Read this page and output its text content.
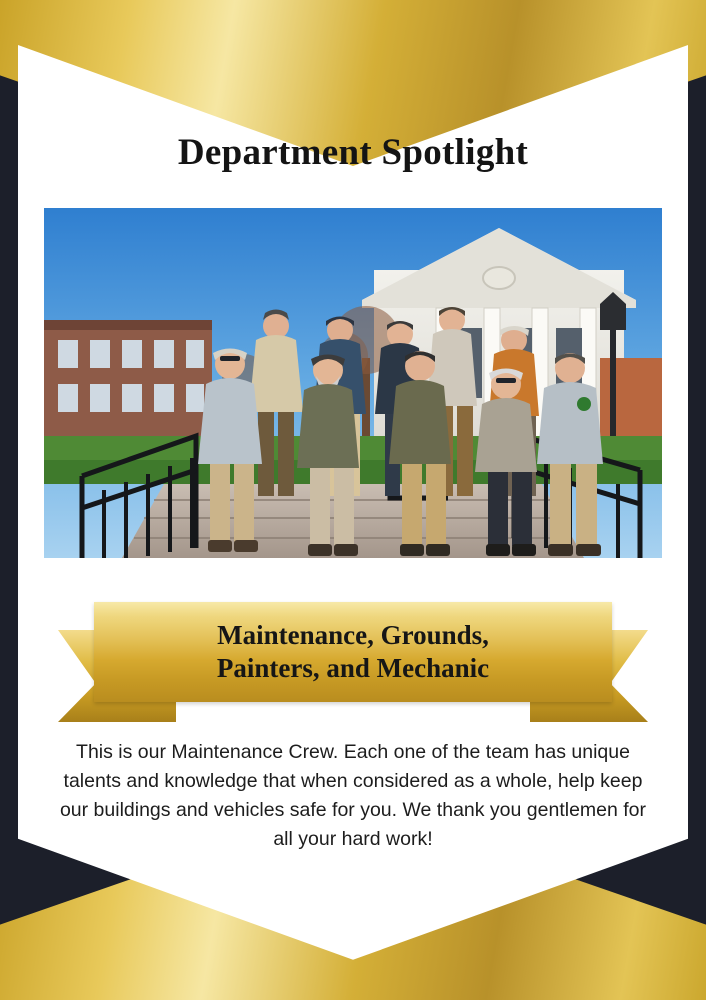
Department Spotlight
Maintenance, Grounds,
Painters, and Mechanic
This is our Maintenance Crew. Each one of the team has unique talents and knowledge that when considered as a whole, help keep our buildings and vehicles safe for you. We thank you gentlemen for all your hard work!
